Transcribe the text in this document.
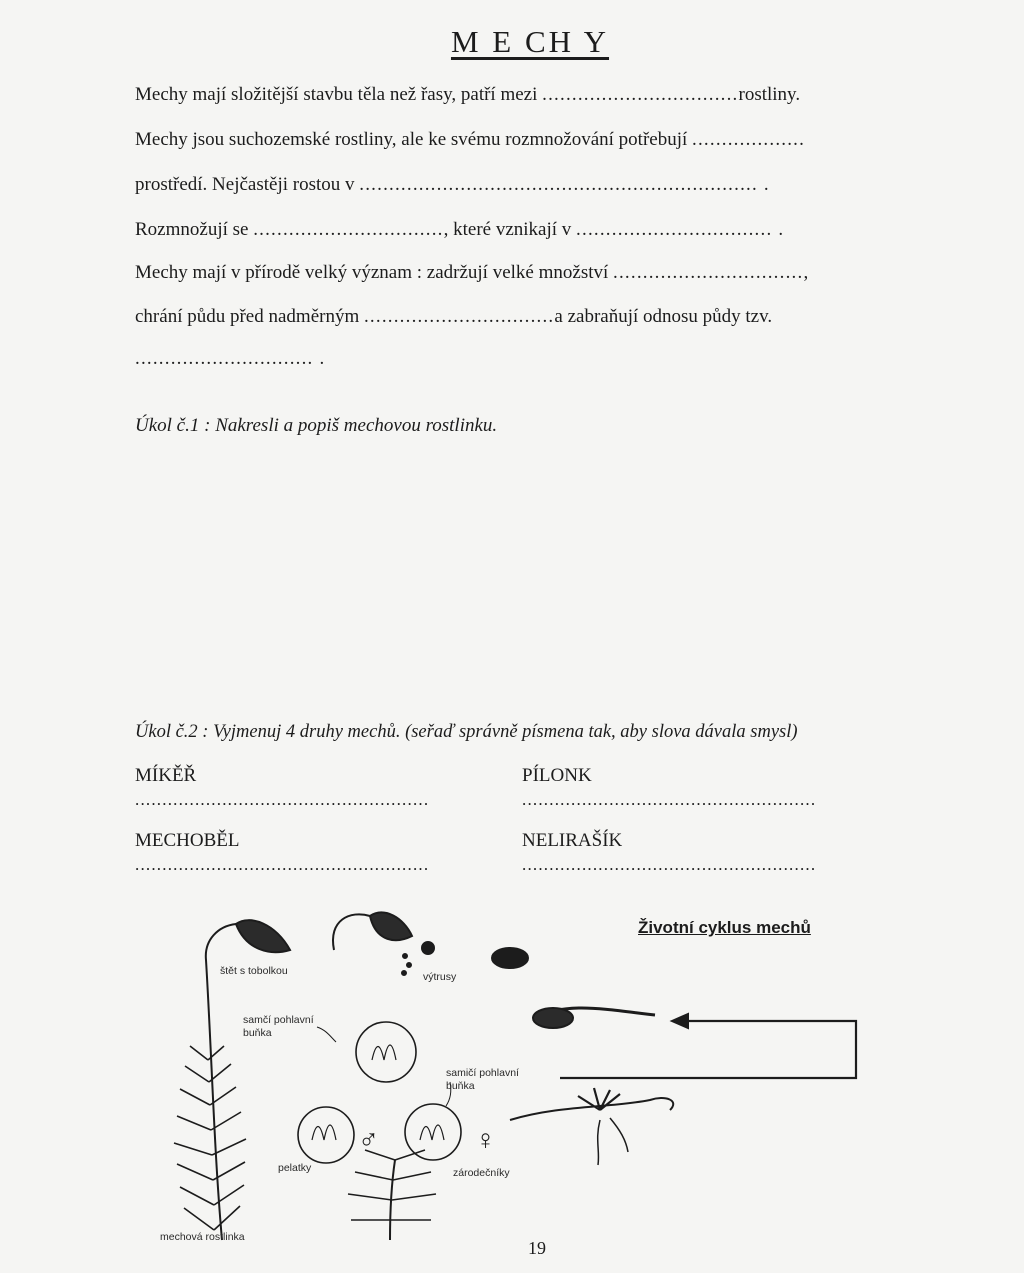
M E CH Y
Mechy mají složitější stavbu těla než řasy, patří mezi .................................rostliny.
Mechy jsou suchozemské rostliny, ale ke svému rozmnožování potřebují ...................
prostředí. Nejčastěji rostou v ................................................................... .
Rozmnožují se ................................, které vznikají v ................................. .
Mechy mají v přírodě velký význam : zadržují velké množství ................................,
chrání půdu před nadměrným ................................a zabraňují odnosu půdy tzv.
.............................. .
Úkol č.1 : Nakresli a popiš mechovou rostlinku.
Úkol č.2 : Vyjmenuj 4 druhy mechů. (seřaď správně písmena tak, aby slova dávala smysl)
MÍKĚŘ	PÍLONK
......................................................	......................................................
MECHOBĚL	NELIRAŠÍK
......................................................	......................................................
Životní cyklus mechů
štět s tobolkou	výtrusy
samčí pohlavní buňka
samičí pohlavní buňka
pelatky	zárodečníky
mechová rostlinka
♂	♀
19
